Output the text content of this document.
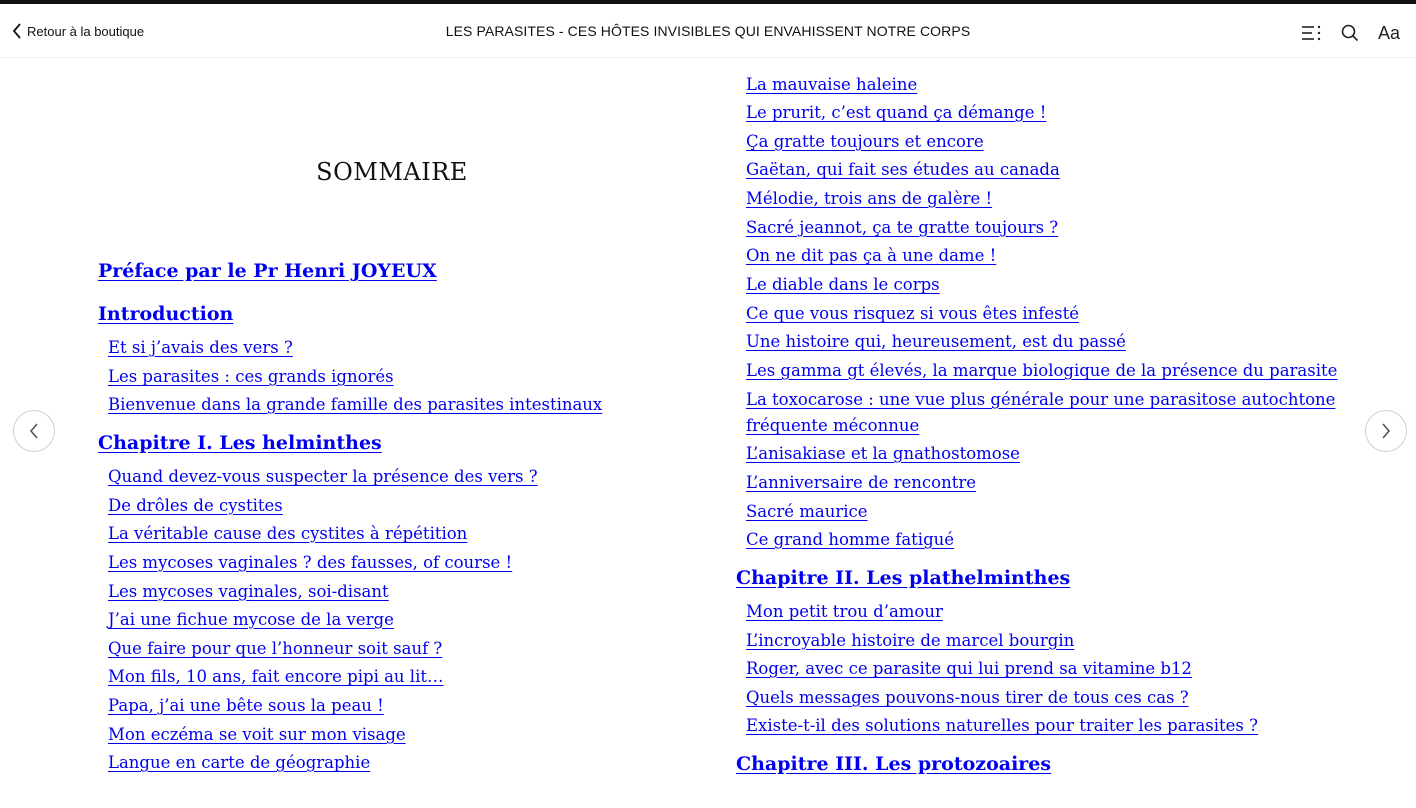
Retour à la boutique	LES PARASITES - CES HÔTES INVISIBLES QUI ENVAHISSENT NOTRE CORPS	Aa
SOMMAIRE
Préface par le Pr Henri JOYEUX
Introduction
Et si j’avais des vers ?
Les parasites : ces grands ignorés
Bienvenue dans la grande famille des parasites intestinaux
Chapitre I. Les helminthes
Quand devez-vous suspecter la présence des vers ?
De drôles de cystites
La véritable cause des cystites à répétition
Les mycoses vaginales ? des fausses, of course !
Les mycoses vaginales, soi-disant
J’ai une fichue mycose de la verge
Que faire pour que l’honneur soit sauf ?
Mon fils, 10 ans, fait encore pipi au lit…
Papa, j’ai une bête sous la peau !
Mon eczéma se voit sur mon visage
Langue en carte de géographie
La mauvaise haleine
Le prurit, c’est quand ça démange !
Ça gratte toujours et encore
Gaëtan, qui fait ses études au canada
Mélodie, trois ans de galère !
Sacré jeannot, ça te gratte toujours ?
On ne dit pas ça à une dame !
Le diable dans le corps
Ce que vous risquez si vous êtes infesté
Une histoire qui, heureusement, est du passé
Les gamma gt élevés, la marque biologique de la présence du parasite
La toxocarose : une vue plus générale pour une parasitose autochtone
fréquente méconnue
L’anisakiase et la gnathostomose
L’anniversaire de rencontre
Sacré maurice
Ce grand homme fatigué
Chapitre II. Les plathelminthes
Mon petit trou d’amour
L’incroyable histoire de marcel bourgin
Roger, avec ce parasite qui lui prend sa vitamine b12
Quels messages pouvons-nous tirer de tous ces cas ?
Existe-t-il des solutions naturelles pour traiter les parasites ?
Chapitre III. Les protozoaires
